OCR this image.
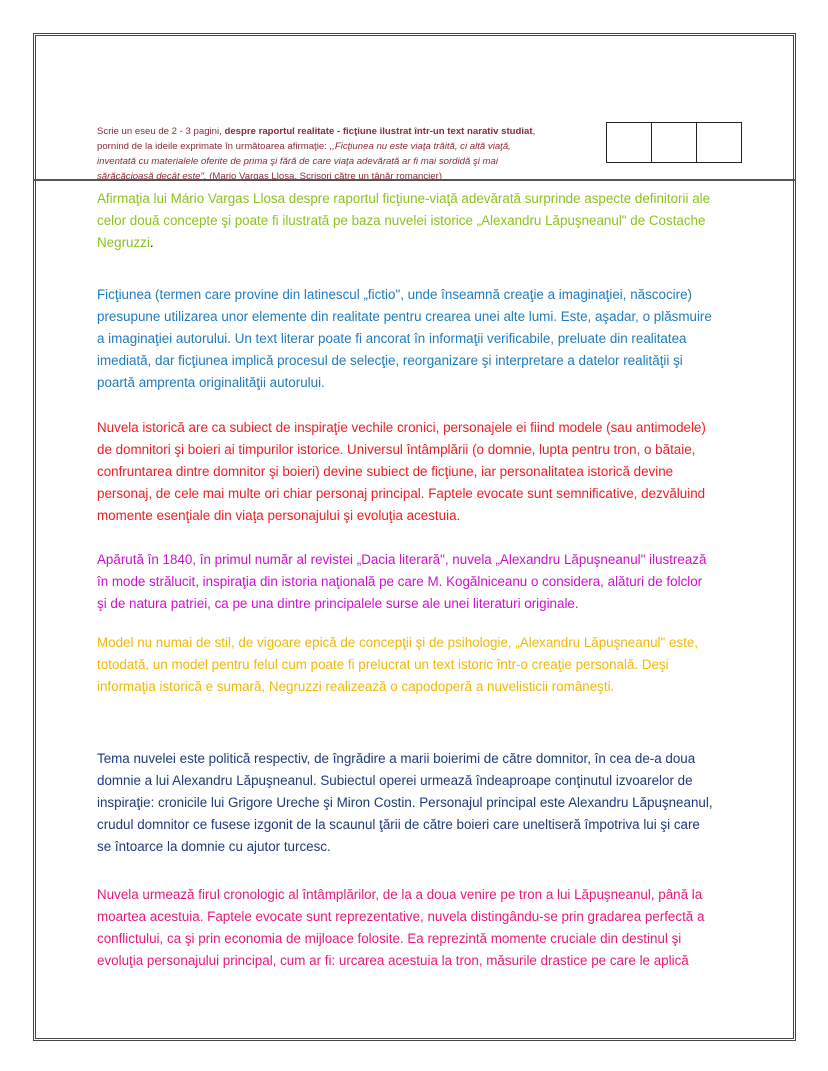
Scrie un eseu de 2 - 3 pagini, despre raportul realitate - ficţiune ilustrat într-un text narativ studiat,
pornind de la ideile exprimate în următoarea afirmaţie: ,,Ficţiunea nu este viaţa trăită, ci altă viaţă,
inventată cu materialele oferite de prima şi fără de care viaţa adevărată ar fi mai sordidă şi mai
sărăcăcioasă decât este". (Mario Vargas Llosa, Scrisori către un tânăr romancier)
Afirmaţia lui Mário Vargas Llosa despre raportul ficţiune-viaţă adevărată surprinde aspecte definitorii ale
celor două concepte şi poate fi ilustrată pe baza nuvelei istorice „Alexandru Lăpuşneanul" de Costache
Negruzzi.
Ficţiunea (termen care provine din latinescul „fictio", unde înseamnă creaţie a imaginaţiei, născocire)
presupune utilizarea unor elemente din realitate pentru crearea unei alte lumi. Este, aşadar, o plăsmuire
a imaginaţiei autorului. Un text literar poate fi ancorat în informaţii verificabile, preluate din realitatea
imediată, dar ficţiunea implică procesul de selecţie, reorganizare şi interpretare a datelor realităţii şi
poartă amprenta originalităţii autorului.
Nuvela istorică are ca subiect de inspiraţie vechile cronici, personajele ei fiind modele (sau antimodele)
de domnitori şi boieri ai timpurilor istorice. Universul întâmplării (o domnie, lupta pentru tron, o bătaie,
confruntarea dintre domnitor şi boieri) devine subiect de ficţiune, iar personalitatea istorică devine
personaj, de cele mai multe ori chiar personaj principal. Faptele evocate sunt semnificative, dezvăluind
momente esenţiale din viaţa personajului şi evoluţia acestuia.
Apărută în 1840, în primul număr al revistei „Dacia literară", nuvela „Alexandru Lăpuşneanul" ilustrează
în mode strălucit, inspiraţia din istoria naţională pe care M. Kogălniceanu o considera, alături de folclor
şi de natura patriei, ca pe una dintre principalele surse ale unei literaturi originale.
Model nu numai de stil, de vigoare epică de concepţii şi de psihologie, „Alexandru Lăpuşneanul" este,
totodată, un model pentru felul cum poate fi prelucrat un text istoric într-o creaţie personală. Deşi
informaţia istorică e sumară, Negruzzi realizează o capodoperă a nuvelisticii româneşti.
Tema nuvelei este politică respectiv, de îngrădire a marii boierimi de către domnitor, în cea de-a doua
domnie a lui Alexandru Lăpuşneanul. Subiectul operei urmează îndeaproape conţinutul izvoarelor de
inspiraţie: cronicile lui Grigore Ureche şi Miron Costin. Personajul principal este Alexandru Lăpuşneanul,
crudul domnitor ce fusese izgonit de la scaunul ţării de către boieri care uneltiseră împotriva lui şi care
se întoarce la domnie cu ajutor turcesc.
Nuvela urmează firul cronologic al întâmplărilor, de la a doua venire pe tron a lui Lăpuşneanul, până la
moartea acestuia. Faptele evocate sunt reprezentative, nuvela distingându-se prin gradarea perfectă a
conflictului, ca şi prin economia de mijloace folosite. Ea reprezintă momente cruciale din destinul şi
evoluţia personajului principal, cum ar fi: urcarea acestuia la tron, măsurile drastice pe care le aplică
